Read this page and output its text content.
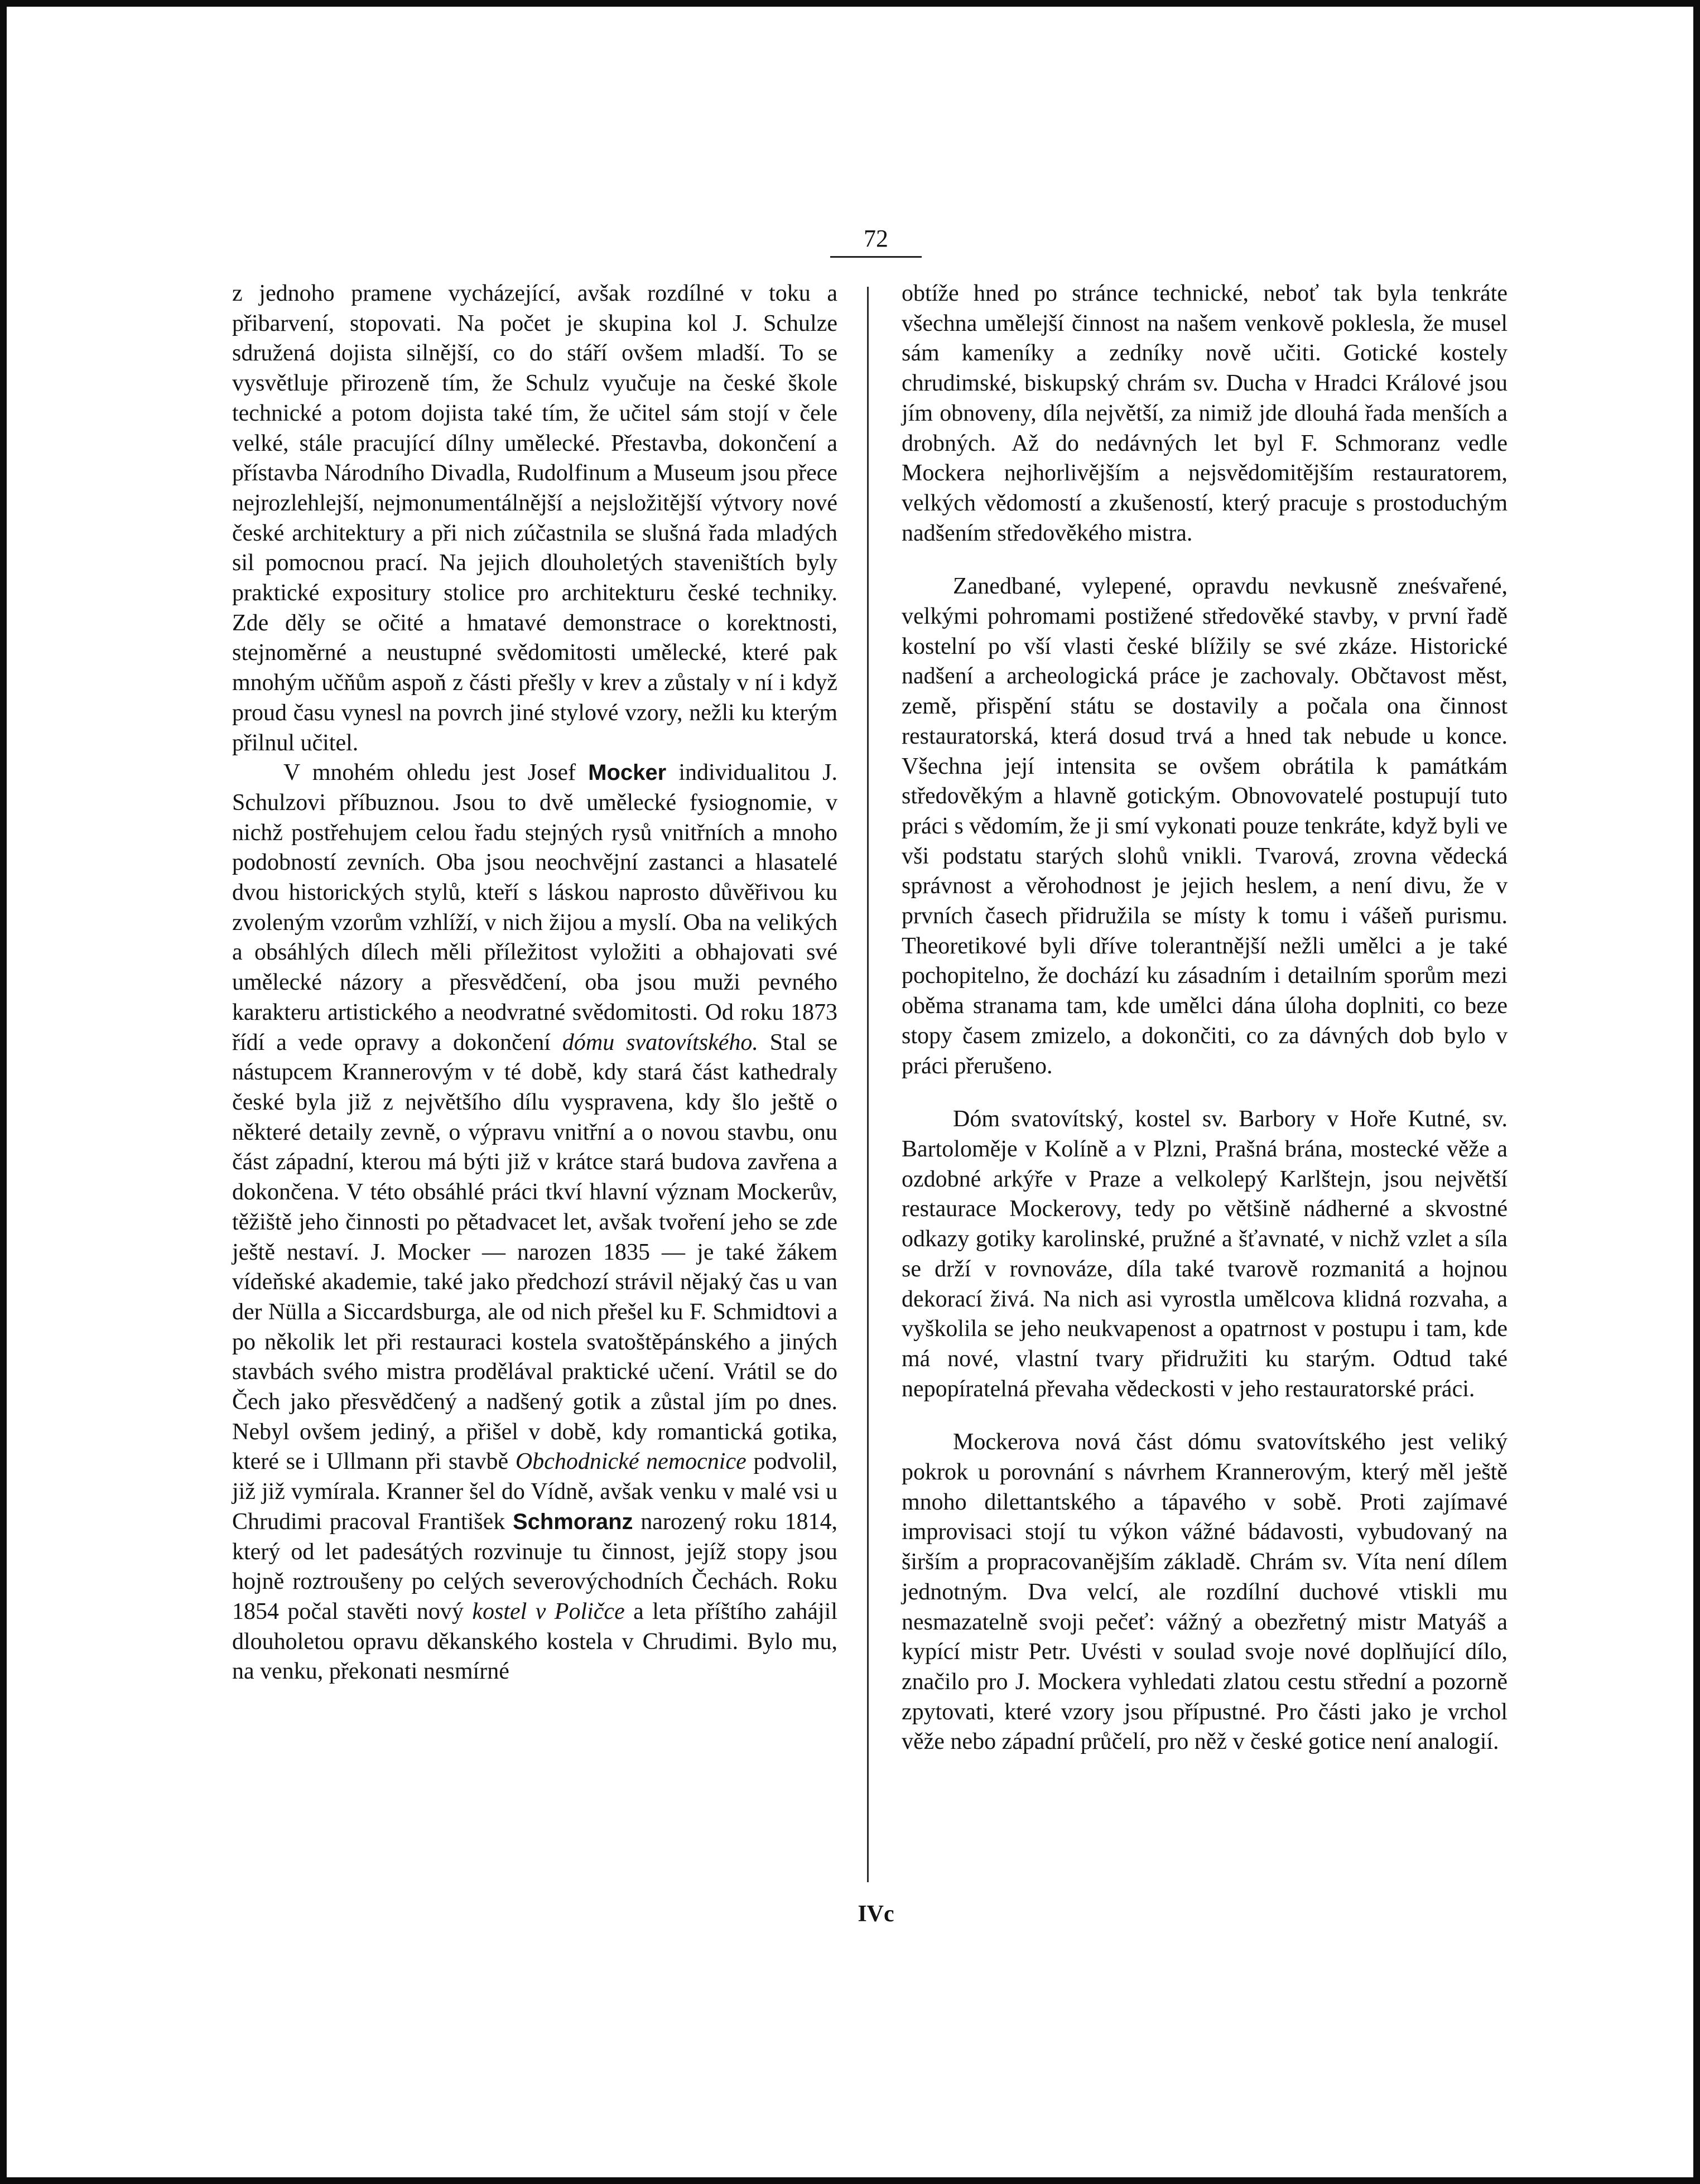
72

z jednoho pramene vycházející, avšak rozdílné v toku a přibarvení, stopovati. Na počet je skupina kol J. Schulze sdružená dojista silnější, co do stáří ovšem mladší. To se vysvětluje přirozeně tím, že Schulz vyučuje na české škole technické a potom dojista také tím, že učitel sám stojí v čele velké, stále pracující dílny umělecké. Přestavba, dokončení a přístavba Národního Divadla, Rudolfinum a Museum jsou přece nejrozlehlejší, nejmonumentálnější a nejsložitější výtvory nové české architektury a při nich zúčastnila se slušná řada mladých sil pomocnou prací. Na jejich dlouholetých staveništích byly praktické expositury stolice pro architekturu české techniky. Zde děly se očité a hmatavé demonstrace o korektnosti, stejnoměrné a neustupné svědomitosti umělecké, které pak mnohým učňům aspoň z části přešly v krev a zůstaly v ní i když proud času vynesl na povrch jiné stylové vzory, nežli ku kterým přilnul učitel.

V mnohém ohledu jest Josef Mocker individualitou J. Schulzovi příbuznou. Jsou to dvě umělecké fysiognomie, v nichž postřehujem celou řadu stejných rysů vnitřních a mnoho podobností zevních. Oba jsou neochvějní zastanci a hlasatelé dvou historických stylů, kteří s láskou naprosto důvěřivou ku zvoleným vzorům vzhlíží, v nich žijou a myslí. Oba na velikých a obsáhlých dílech měli příležitost vyložiti a obhajovati své umělecké názory a přesvědčení, oba jsou muži pevného karakteru artistického a neodvratné svědomitosti. Od roku 1873 řídí a vede opravy a dokončení dómu svatovítského. Stal se nástupcem Krannerovým v té době, kdy stará část kathedraly české byla již z největšího dílu vyspravena, kdy šlo ještě o některé detaily zevně, o výpravu vnitřní a o novou stavbu, onu část západní, kterou má býti již v krátce stará budova zavřena a dokončena. V této obsáhlé práci tkví hlavní význam Mockerův, těžiště jeho činnosti po pětadvacet let, avšak tvoření jeho se zde ještě nestaví. J. Mocker — narozen 1835 — je také žákem vídeňské akademie, také jako předchozí strávil nějaký čas u van der Nülla a Siccardsburga, ale od nich přešel ku F. Schmidtovi a po několik let při restauraci kostela svatoštěpánského a jiných stavbách svého mistra prodělával praktické učení. Vrátil se do Čech jako přesvědčený a nadšený gotik a zůstal jím po dnes. Nebyl ovšem jediný, a přišel v době, kdy romantická gotika, které se i Ullmann při stavbě Obchodnické nemocnice podvolil, již již vymírala. Kranner šel do Vídně, avšak venku v malé vsi u Chrudimi pracoval František Schmoranz narozený roku 1814, který od let padesátých rozvinuje tu činnost, jejíž stopy jsou hojně roztroušeny po celých severovýchodních Čechách. Roku 1854 počal stavěti nový kostel v Poličce a leta příštího zahájil dlouholetou opravu děkanského kostela v Chrudimi. Bylo mu, na venku, překonati nesmírné

obtíže hned po stránce technické, neboť tak byla tenkráte všechna umělejší činnost na našem venkově poklesla, že musel sám kameníky a zedníky nově učiti. Gotické kostely chrudimské, biskupský chrám sv. Ducha v Hradci Králové jsou jím obnoveny, díla největší, za nimiž jde dlouhá řada menších a drobných. Až do nedávných let byl F. Schmoranz vedle Mockera nejhorlivějším a nejsvědomitějším restauratorem, velkých vědomostí a zkušeností, který pracuje s prostoduchým nadšením středověkého mistra.

Zanedbané, vylepené, opravdu nevkusně zneśvařené, velkými pohromami postižené středověké stavby, v první řadě kostelní po vší vlasti české blížily se své zkáze. Historické nadšení a archeologická práce je zachovaly. Občtavost měst, země, přispění státu se dostavily a počala ona činnost restauratorská, která dosud trvá a hned tak nebude u konce. Všechna její intensita se ovšem obrátila k památkám středověkým a hlavně gotickým. Obnovovatelé postupují tuto práci s vědomím, že ji smí vykonati pouze tenkráte, když byli ve vši podstatu starých slohů vnikli. Tvarová, zrovna vědecká správnost a věrohodnost je jejich heslem, a není divu, že v prvních časech přidružila se místy k tomu i vášeň purismu. Theoretikové byli dříve tolerantnější nežli umělci a je také pochopitelno, že dochází ku zásadním i detailním sporům mezi oběma stranama tam, kde umělci dána úloha doplniti, co beze stopy časem zmizelo, a dokončiti, co za dávných dob bylo v práci přerušeno.

Dóm svatovítský, kostel sv. Barbory v Hoře Kutné, sv. Bartoloměje v Kolíně a v Plzni, Prašná brána, mostecké věže a ozdobné arkýře v Praze a velkolepý Karlštejn, jsou největší restaurace Mockerovy, tedy po většině nádherné a skvostné odkazy gotiky karolinské, pružné a šťavnaté, v nichž vzlet a síla se drží v rovnováze, díla také tvarově rozmanitá a hojnou dekorací živá. Na nich asi vyrostla umělcova klidná rozvaha, a vyškolila se jeho neukvapenost a opatrnost v postupu i tam, kde má nové, vlastní tvary přidružiti ku starým. Odtud také nepopíratelná převaha vědeckosti v jeho restauratorské práci.

Mockerova nová část dómu svatovítského jest veliký pokrok u porovnání s návrhem Krannerovým, který měl ještě mnoho dilettantského a tápavého v sobě. Proti zajímavé improvisaci stojí tu výkon vážné bádavosti, vybudovaný na širším a propracovanějším základě. Chrám sv. Víta není dílem jednotným. Dva velcí, ale rozdílní duchové vtiskli mu nesmazatelně svoji pečeť: vážný a obezřetný mistr Matyáš a kypící mistr Petr. Uvésti v soulad svoje nové doplňující dílo, značilo pro J. Mockera vyhledati zlatou cestu střední a pozorně zpytovati, které vzory jsou přípustné. Pro části jako je vrchol věže nebo západní průčelí, pro něž v české gotice není analogií.

IVc
